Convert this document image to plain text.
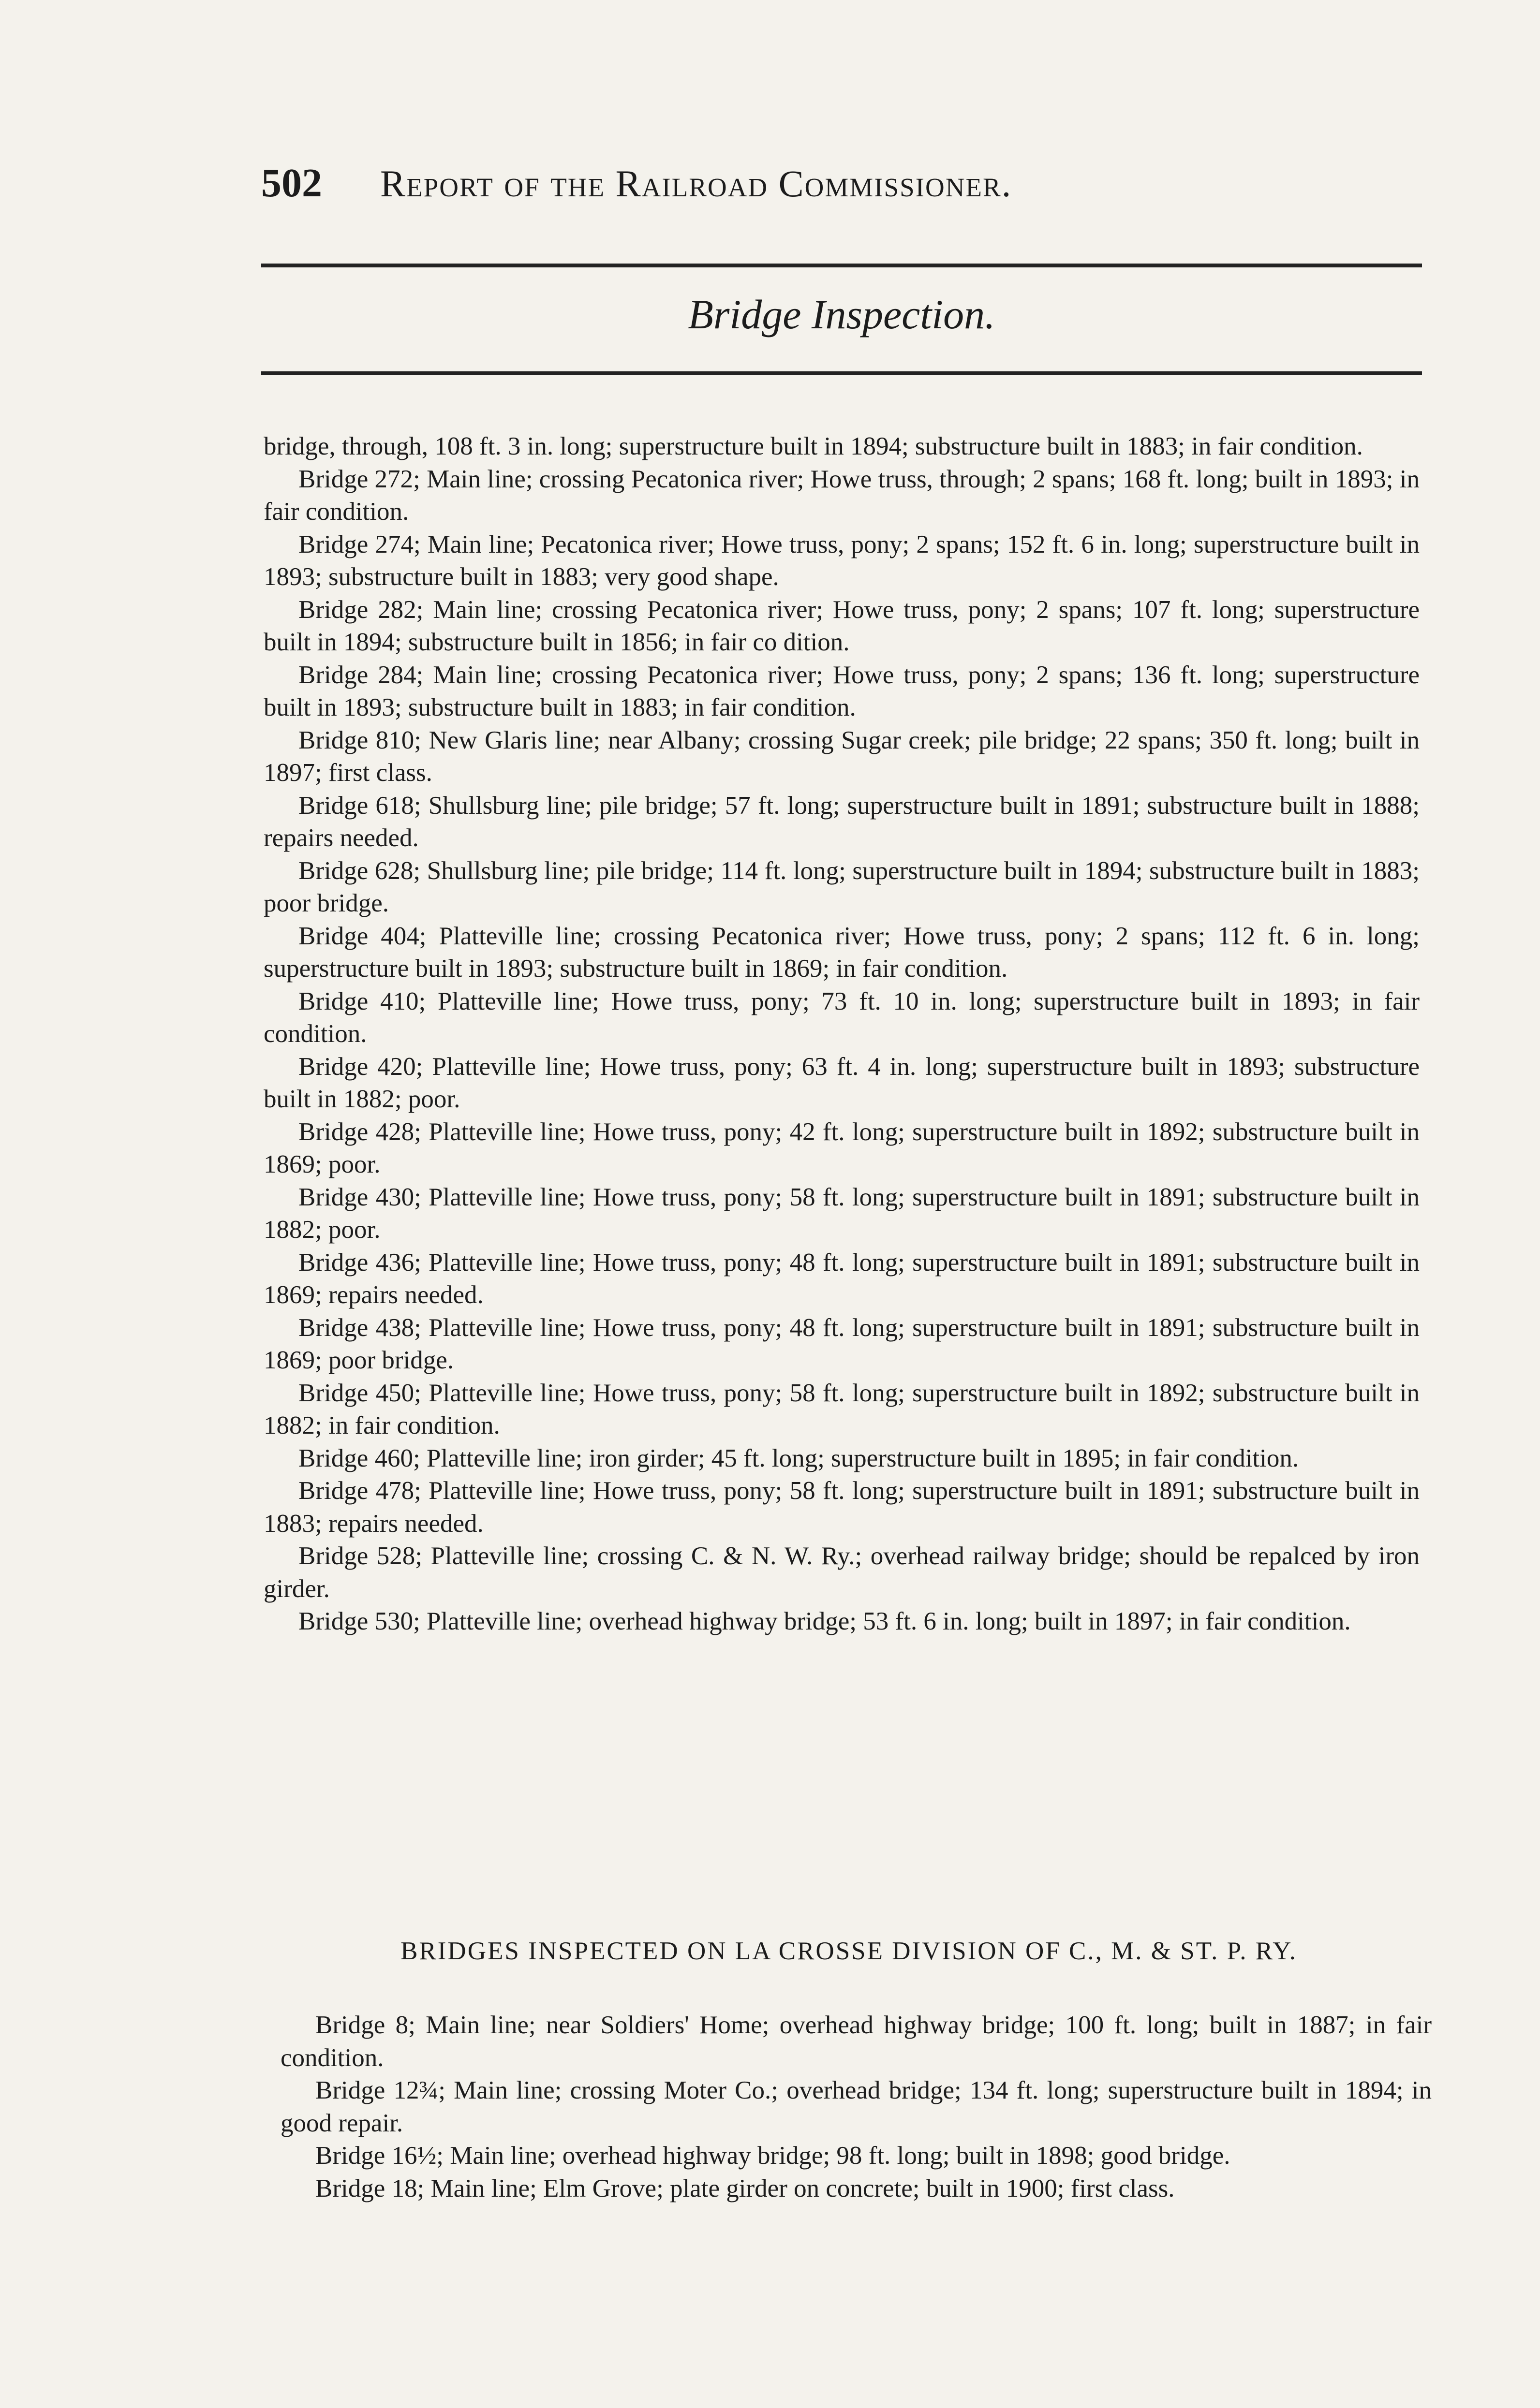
502 Report of the Railroad Commissioner.
Bridge Inspection.

bridge, through, 108 ft. 3 in. long; superstructure built in 1894; substructure built in 1883; in fair condition.

Bridge 272; Main line; crossing Pecatonica river; Howe truss, through; 2 spans; 168 ft. long; built in 1893; in fair condition.

Bridge 274; Main line; Pecatonica river; Howe truss, pony; 2 spans; 152 ft. 6 in. long; superstructure built in 1893; substructure built in 1883; very good shape.

Bridge 282; Main line; crossing Pecatonica river; Howe truss, pony; 2 spans; 107 ft. long; superstructure built in 1894; substructure built in 1856; in fair co dition.

Bridge 284; Main line; crossing Pecatonica river; Howe truss, pony; 2 spans; 136 ft. long; superstructure built in 1893; substructure built in 1883; in fair condition.

Bridge 810; New Glaris line; near Albany; crossing Sugar creek; pile bridge; 22 spans; 350 ft. long; built in 1897; first class.

Bridge 618; Shullsburg line; pile bridge; 57 ft. long; superstructure built in 1891; substructure built in 1888; repairs needed.

Bridge 628; Shullsburg line; pile bridge; 114 ft. long; superstructure built in 1894; substructure built in 1883; poor bridge.

Bridge 404; Platteville line; crossing Pecatonica river; Howe truss, pony; 2 spans; 112 ft. 6 in. long; superstructure built in 1893; substructure built in 1869; in fair condition.

Bridge 410; Platteville line; Howe truss, pony; 73 ft. 10 in. long; superstructure built in 1893; in fair condition.

Bridge 420; Platteville line; Howe truss, pony; 63 ft. 4 in. long; superstructure built in 1893; substructure built in 1882; poor.

Bridge 428; Platteville line; Howe truss, pony; 42 ft. long; superstructure built in 1892; substructure built in 1869; poor.

Bridge 430; Platteville line; Howe truss, pony; 58 ft. long; superstructure built in 1891; substructure built in 1882; poor.

Bridge 436; Platteville line; Howe truss, pony; 48 ft. long; superstructure built in 1891; substructure built in 1869; repairs needed.

Bridge 438; Platteville line; Howe truss, pony; 48 ft. long; superstructure built in 1891; substructure built in 1869; poor bridge.

Bridge 450; Platteville line; Howe truss, pony; 58 ft. long; superstructure built in 1892; substructure built in 1882; in fair condition.

Bridge 460; Platteville line; iron girder; 45 ft. long; superstructure built in 1895; in fair condition.

Bridge 478; Platteville line; Howe truss, pony; 58 ft. long; superstructure built in 1891; substructure built in 1883; repairs needed.

Bridge 528; Platteville line; crossing C. & N. W. Ry.; overhead railway bridge; should be repalced by iron girder.

Bridge 530; Platteville line; overhead highway bridge; 53 ft. 6 in. long; built in 1897; in fair condition.

BRIDGES INSPECTED ON LA CROSSE DIVISION OF C., M. & ST. P. RY.

Bridge 8; Main line; near Soldiers' Home; overhead highway bridge; 100 ft. long; built in 1887; in fair condition.

Bridge 12¾; Main line; crossing Moter Co.; overhead bridge; 134 ft. long; superstructure built in 1894; in good repair.

Bridge 16½; Main line; overhead highway bridge; 98 ft. long; built in 1898; good bridge.

Bridge 18; Main line; Elm Grove; plate girder on concrete; built in 1900; first class.
